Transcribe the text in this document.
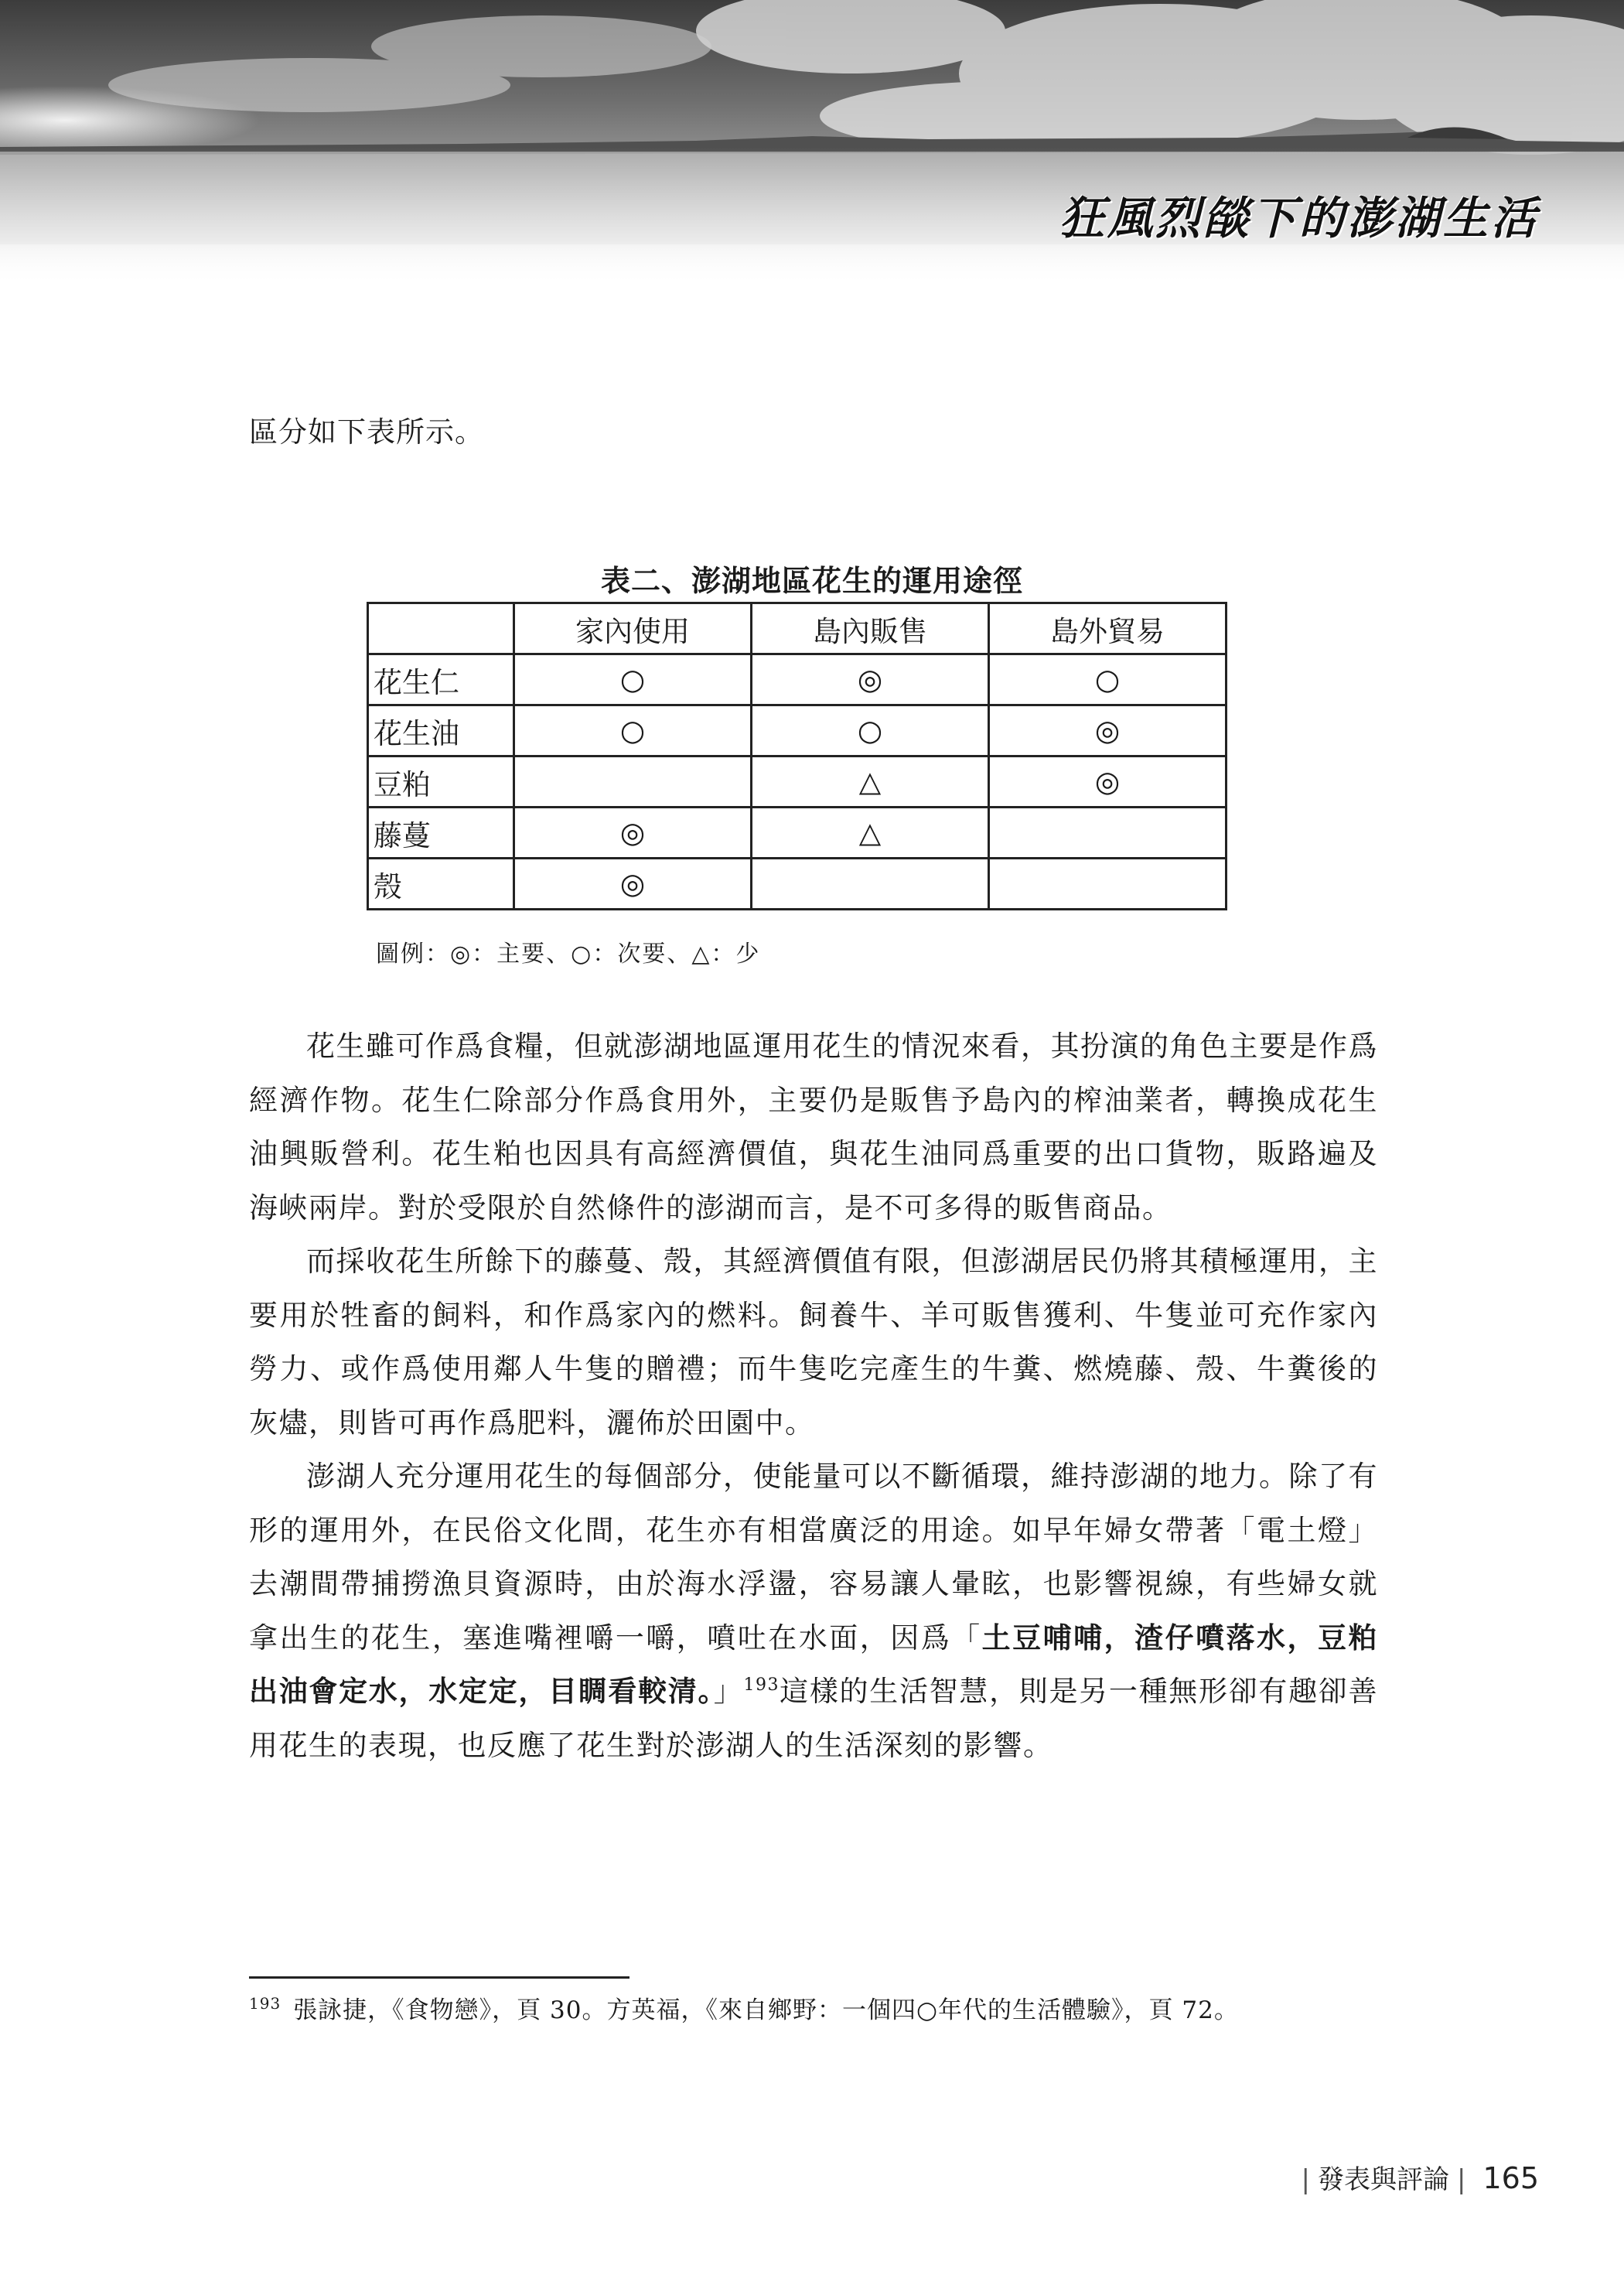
狂風烈燄下的澎湖生活

區分如下表所示。

表二、澎湖地區花生的運用途徑
	家內使用	島內販售	島外貿易
花生仁	○	◎	○
花生油	○	○	◎
豆粕		△	◎
藤蔓	◎	△	
殼	◎		
圖例：◎：主要、○：次要、△：少

花生雖可作爲食糧，但就澎湖地區運用花生的情況來看，其扮演的角色主要是作爲經濟作物。花生仁除部分作爲食用外，主要仍是販售予島內的榨油業者，轉換成花生油興販營利。花生粕也因具有高經濟價值，與花生油同爲重要的出口貨物，販路遍及海峽兩岸。對於受限於自然條件的澎湖而言，是不可多得的販售商品。

而採收花生所餘下的藤蔓、殼，其經濟價值有限，但澎湖居民仍將其積極運用，主要用於牲畜的飼料，和作爲家內的燃料。飼養牛、羊可販售獲利、牛隻並可充作家內勞力、或作爲使用鄰人牛隻的贈禮；而牛隻吃完產生的牛糞、燃燒藤、殼、牛糞後的灰燼，則皆可再作爲肥料，灑佈於田園中。

澎湖人充分運用花生的每個部分，使能量可以不斷循環，維持澎湖的地力。除了有形的運用外，在民俗文化間，花生亦有相當廣泛的用途。如早年婦女帶著「電土燈」去潮間帶捕撈漁貝資源時，由於海水浮盪，容易讓人暈眩，也影響視線，有些婦女就拿出生的花生，塞進嘴裡嚼一嚼，噴吐在水面，因爲「土豆哺哺，渣仔噴落水，豆粕出油會定水，水定定，目睭看較清。」$^{193}$這樣的生活智慧，則是另一種無形卻有趣卻善用花生的表現，也反應了花生對於澎湖人的生活深刻的影響。

$^{193}$ 張詠捷，《食物戀》，頁 30。方英福，《來自鄉野：一個四○年代的生活體驗》，頁 72。
| 發表與評論 | 165
